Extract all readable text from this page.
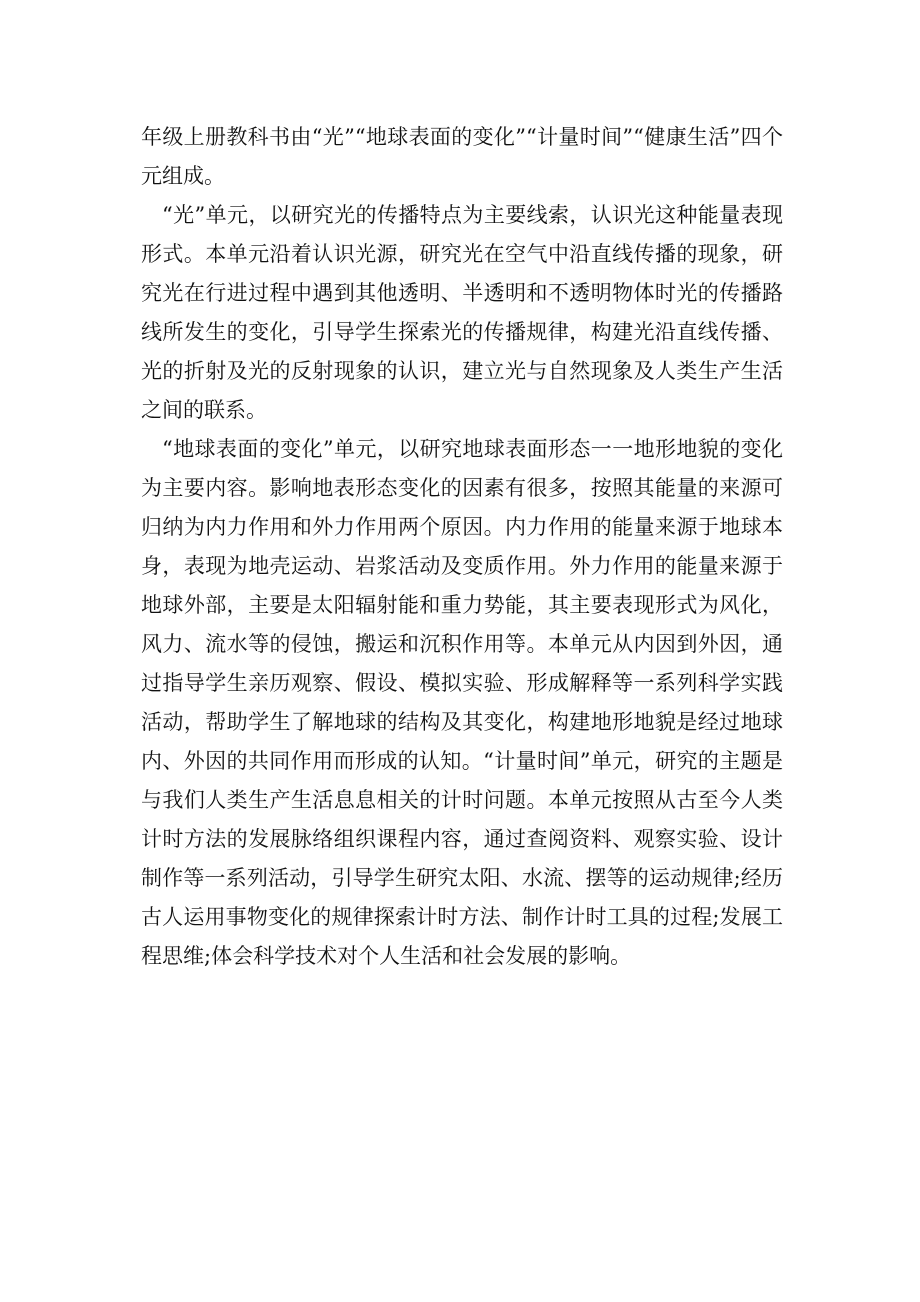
年级上册教科书由“光”“地球表面的变化”“计量时间”“健康生活”四个元组成。

“光”单元，以研究光的传播特点为主要线索，认识光这种能量表现形式。本单元沿着认识光源，研究光在空气中沿直线传播的现象，研究光在行进过程中遇到其他透明、半透明和不透明物体时光的传播路线所发生的变化，引导学生探索光的传播规律，构建光沿直线传播、光的折射及光的反射现象的认识，建立光与自然现象及人类生产生活之间的联系。

“地球表面的变化”单元，以研究地球表面形态一一地形地貌的变化为主要内容。影响地表形态变化的因素有很多，按照其能量的来源可归纳为内力作用和外力作用两个原因。内力作用的能量来源于地球本身，表现为地壳运动、岩浆活动及变质作用。外力作用的能量来源于地球外部，主要是太阳辐射能和重力势能，其主要表现形式为风化，风力、流水等的侵蚀，搬运和沉积作用等。本单元从内因到外因，通过指导学生亲历观察、假设、模拟实验、形成解释等一系列科学实践活动，帮助学生了解地球的结构及其变化，构建地形地貌是经过地球内、外因的共同作用而形成的认知。“计量时间”单元，研究的主题是与我们人类生产生活息息相关的计时问题。本单元按照从古至今人类计时方法的发展脉络组织课程内容，通过查阅资料、观察实验、设计制作等一系列活动，引导学生研究太阳、水流、摆等的运动规律;经历古人运用事物变化的规律探索计时方法、制作计时工具的过程;发展工程思维;体会科学技术对个人生活和社会发展的影响。
